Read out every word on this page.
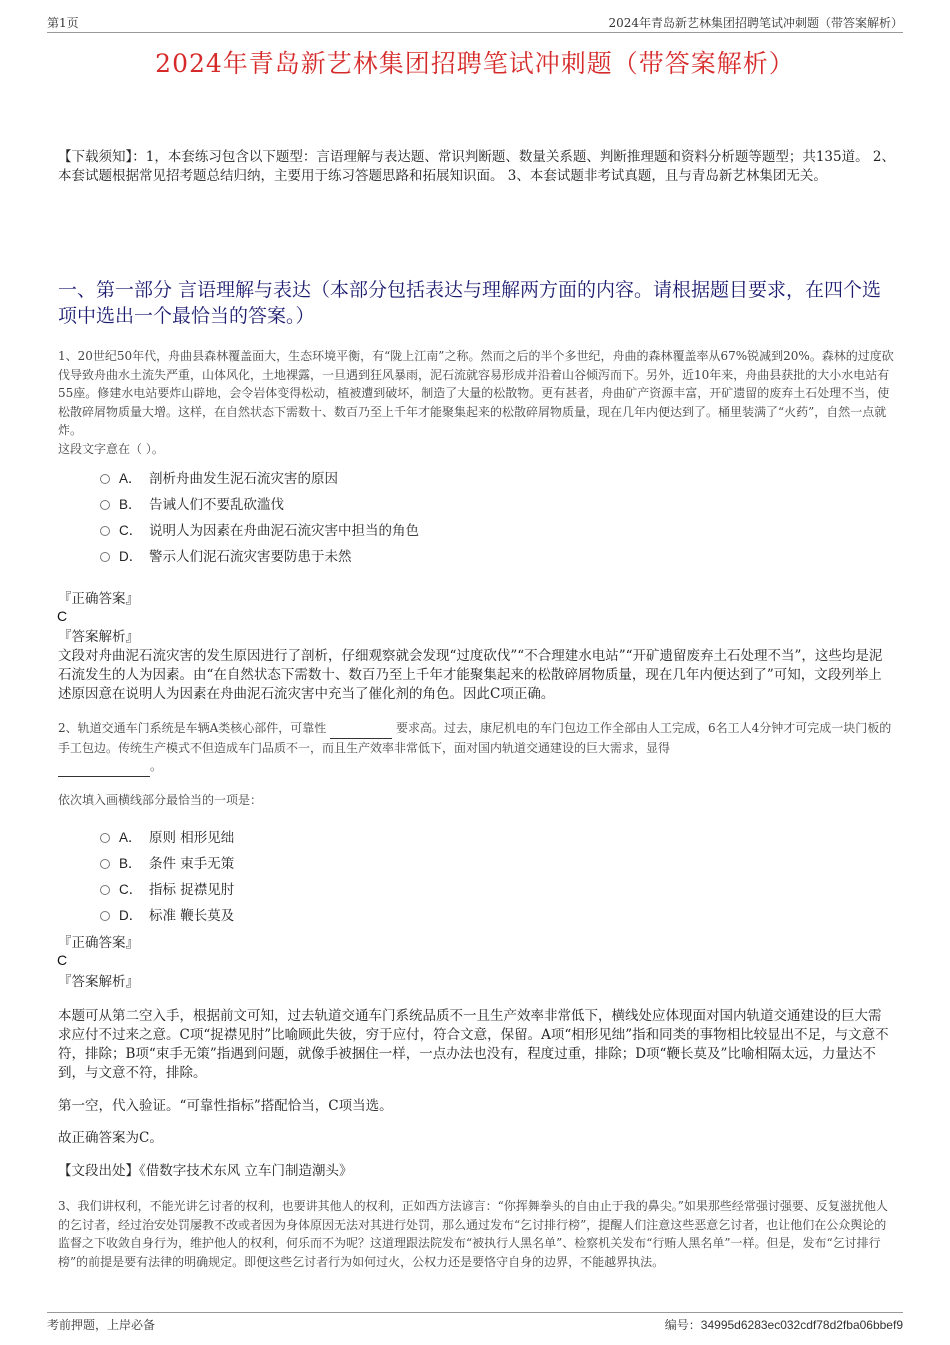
第1页	2024年青岛新艺林集团招聘笔试冲刺题（带答案解析）
2024年青岛新艺林集团招聘笔试冲刺题（带答案解析）
【下载须知】：1，本套练习包含以下题型：言语理解与表达题、常识判断题、数量关系题、判断推理题和资料分析题等题型；共135道。 2、本套试题根据常见招考题总结归纳，主要用于练习答题思路和拓展知识面。 3、本套试题非考试真题，且与青岛新艺林集团无关。
一、第一部分 言语理解与表达（本部分包括表达与理解两方面的内容。请根据题目要求，在四个选项中选出一个最恰当的答案。）
1、20世纪50年代，舟曲县森林覆盖面大，生态环境平衡，有“陇上江南”之称。然而之后的半个多世纪，舟曲的森林覆盖率从67%锐减到20%。森林的过度砍伐导致舟曲水土流失严重，山体风化，土地裸露，一旦遇到狂风暴雨，泥石流就容易形成并沿着山谷倾泻而下。另外，近10年来，舟曲县获批的大小水电站有55座。修建水电站要炸山辟地，会令岩体变得松动，植被遭到破坏，制造了大量的松散物。更有甚者，舟曲矿产资源丰富，开矿遗留的废弃土石处理不当，使松散碎屑物质量大增。这样，在自然状态下需数十、数百乃至上千年才能聚集起来的松散碎屑物质量，现在几年内便达到了。桶里装满了“火药”，自然一点就炸。
这段文字意在（ ）。
A． 剖析舟曲发生泥石流灾害的原因
B． 告诫人们不要乱砍滥伐
C． 说明人为因素在舟曲泥石流灾害中担当的角色
D． 警示人们泥石流灾害要防患于未然
『正确答案』
C
『答案解析』
文段对舟曲泥石流灾害的发生原因进行了剖析，仔细观察就会发现“过度砍伐”“不合理建水电站”“开矿遗留废弃土石处理不当”，这些均是泥石流发生的人为因素。由“在自然状态下需数十、数百乃至上千年才能聚集起来的松散碎屑物质量，现在几年内便达到了”可知，文段列举上述原因意在说明人为因素在舟曲泥石流灾害中充当了催化剂的角色。因此C项正确。
2、轨道交通车门系统是车辆A类核心部件，可靠性	要求高。过去，康尼机电的车门包边工作全部由人工完成，6名工人4分钟才可完成一块门板的手工包边。传统生产模式不但造成车门品质不一，而且生产效率非常低下，面对国内轨道交通建设的巨大需求，显得
。
依次填入画横线部分最恰当的一项是：
A． 原则 相形见绌
B． 条件 束手无策
C． 指标 捉襟见肘
D． 标准 鞭长莫及
『正确答案』
C
『答案解析』
本题可从第二空入手，根据前文可知，过去轨道交通车门系统品质不一且生产效率非常低下，横线处应体现面对国内轨道交通建设的巨大需求应付不过来之意。C项“捉襟见肘”比喻顾此失彼，穷于应付，符合文意，保留。A项“相形见绌”指和同类的事物相比较显出不足，与文意不符，排除；B项“束手无策”指遇到问题，就像手被捆住一样，一点办法也没有，程度过重，排除；D项“鞭长莫及”比喻相隔太远，力量达不到，与文意不符，排除。
第一空，代入验证。“可靠性指标”搭配恰当，C项当选。
故正确答案为C。
【文段出处】《借数字技术东风 立车门制造潮头》
3、我们讲权利，不能光讲乞讨者的权利，也要讲其他人的权利，正如西方法谚言：“你挥舞拳头的自由止于我的鼻尖。”如果那些经常强讨强要、反复滋扰他人的乞讨者，经过治安处罚屡教不改或者因为身体原因无法对其进行处罚，那么通过发布“乞讨排行榜”，提醒人们注意这些恶意乞讨者，也让他们在公众舆论的监督之下收敛自身行为，维护他人的权利，何乐而不为呢？这道理跟法院发布“被执行人黑名单”、检察机关发布“行贿人黑名单”一样。但是，发布“乞讨排行榜”的前提是要有法律的明确规定。即便这些乞讨者行为如何过火，公权力还是要恪守自身的边界，不能越界执法。
考前押题，上岸必备	编号：34995d6283ec032cdf78d2fba06bbef9
